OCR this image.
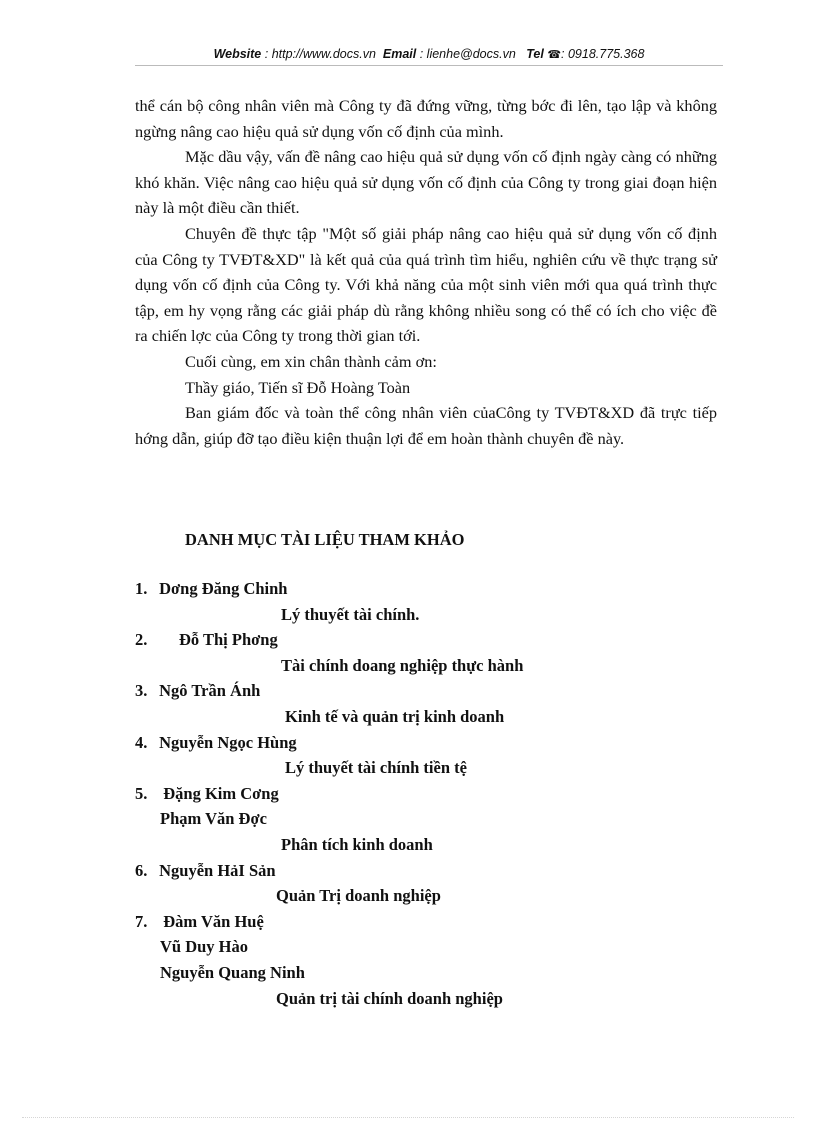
Website : http://www.docs.vn Email : lienhe@docs.vn Tel ☎: 0918.775.368

thể cán bộ công nhân viên mà Công ty đã đứng vững, từng bớc đi lên, tạo lập và không ngừng nâng cao hiệu quả sử dụng vốn cố định của mình.

Mặc dầu vậy, vấn đề nâng cao hiệu quả sử dụng vốn cố định ngày càng có những khó khăn. Việc nâng cao hiệu quả sử dụng vốn cố định của Công ty trong giai đoạn hiện này là một điều cần thiết.

Chuyên đề thực tập "Một số giải pháp nâng cao hiệu quả sử dụng vốn cố định của Công ty TVĐT&XD" là kết quả của quá trình tìm hiểu, nghiên cứu về thực trạng sử dụng vốn cố định của Công ty. Với khả năng của một sinh viên mới qua quá trình thực tập, em hy vọng rằng các giải pháp dù rằng không nhiều song có thể có ích cho việc đề ra chiến lợc của Công ty trong thời gian tới.

Cuối cùng, em xin chân thành cảm ơn:

Thầy giáo, Tiến sĩ Đỗ Hoàng Toàn

Ban giám đốc và toàn thể công nhân viên củaCông ty TVĐT&XD đã trực tiếp hớng dẫn, giúp đỡ tạo điều kiện thuận lợi để em hoàn thành chuyên đề này.

DANH MỤC TÀI LIỆU THAM KHẢO
1. Dơng Đăng Chinh
Lý thuyết tài chính.
2. Đỗ Thị Phơng
Tài chính doang nghiệp thực hành
3. Ngô Trần Ánh
Kinh tế và quản trị kinh doanh
4. Nguyễn Ngọc Hùng
Lý thuyết tài chính tiền tệ
5. Đặng Kim Cơng
Phạm Văn Đợc
Phân tích kinh doanh
6. Nguyễn HảI Sản
Quản Trị doanh nghiệp
7. Đàm Văn Huệ
Vũ Duy Hào
Nguyễn Quang Ninh
Quản trị tài chính doanh nghiệp
